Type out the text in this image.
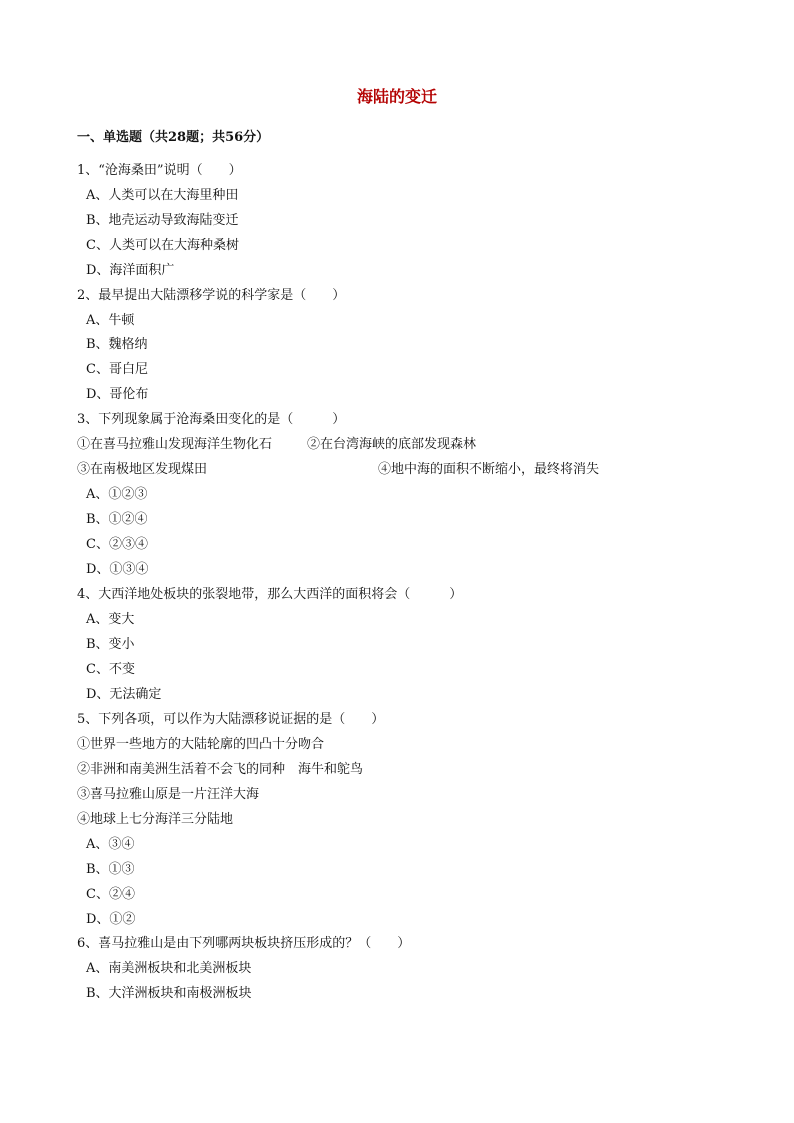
海陆的变迁
一、单选题（共28题；共56分）
1、“沧海桑田”说明（　　）
A、人类可以在大海里种田
B、地壳运动导致海陆变迁
C、人类可以在大海种桑树
D、海洋面积广
2、最早提出大陆漂移学说的科学家是（　　）
A、牛顿
B、魏格纳
C、哥白尼
D、哥伦布
3、下列现象属于沧海桑田变化的是（　　　）
①在喜马拉雅山发现海洋生物化石	②在台湾海峡的底部发现森林
③在南极地区发现煤田	④地中海的面积不断缩小，最终将消失
A、①②③
B、①②④
C、②③④
D、①③④
4、大西洋地处板块的张裂地带，那么大西洋的面积将会（　　　）
A、变大
B、变小
C、不变
D、无法确定
5、下列各项，可以作为大陆漂移说证据的是（　　）
①世界一些地方的大陆轮廓的凹凸十分吻合
②非洲和南美洲生活着不会飞的同种　海牛和鸵鸟
③喜马拉雅山原是一片汪洋大海
④地球上七分海洋三分陆地
A、③④
B、①③
C、②④
D、①②
6、喜马拉雅山是由下列哪两块板块挤压形成的？（　　）
A、南美洲板块和北美洲板块
B、大洋洲板块和南极洲板块
